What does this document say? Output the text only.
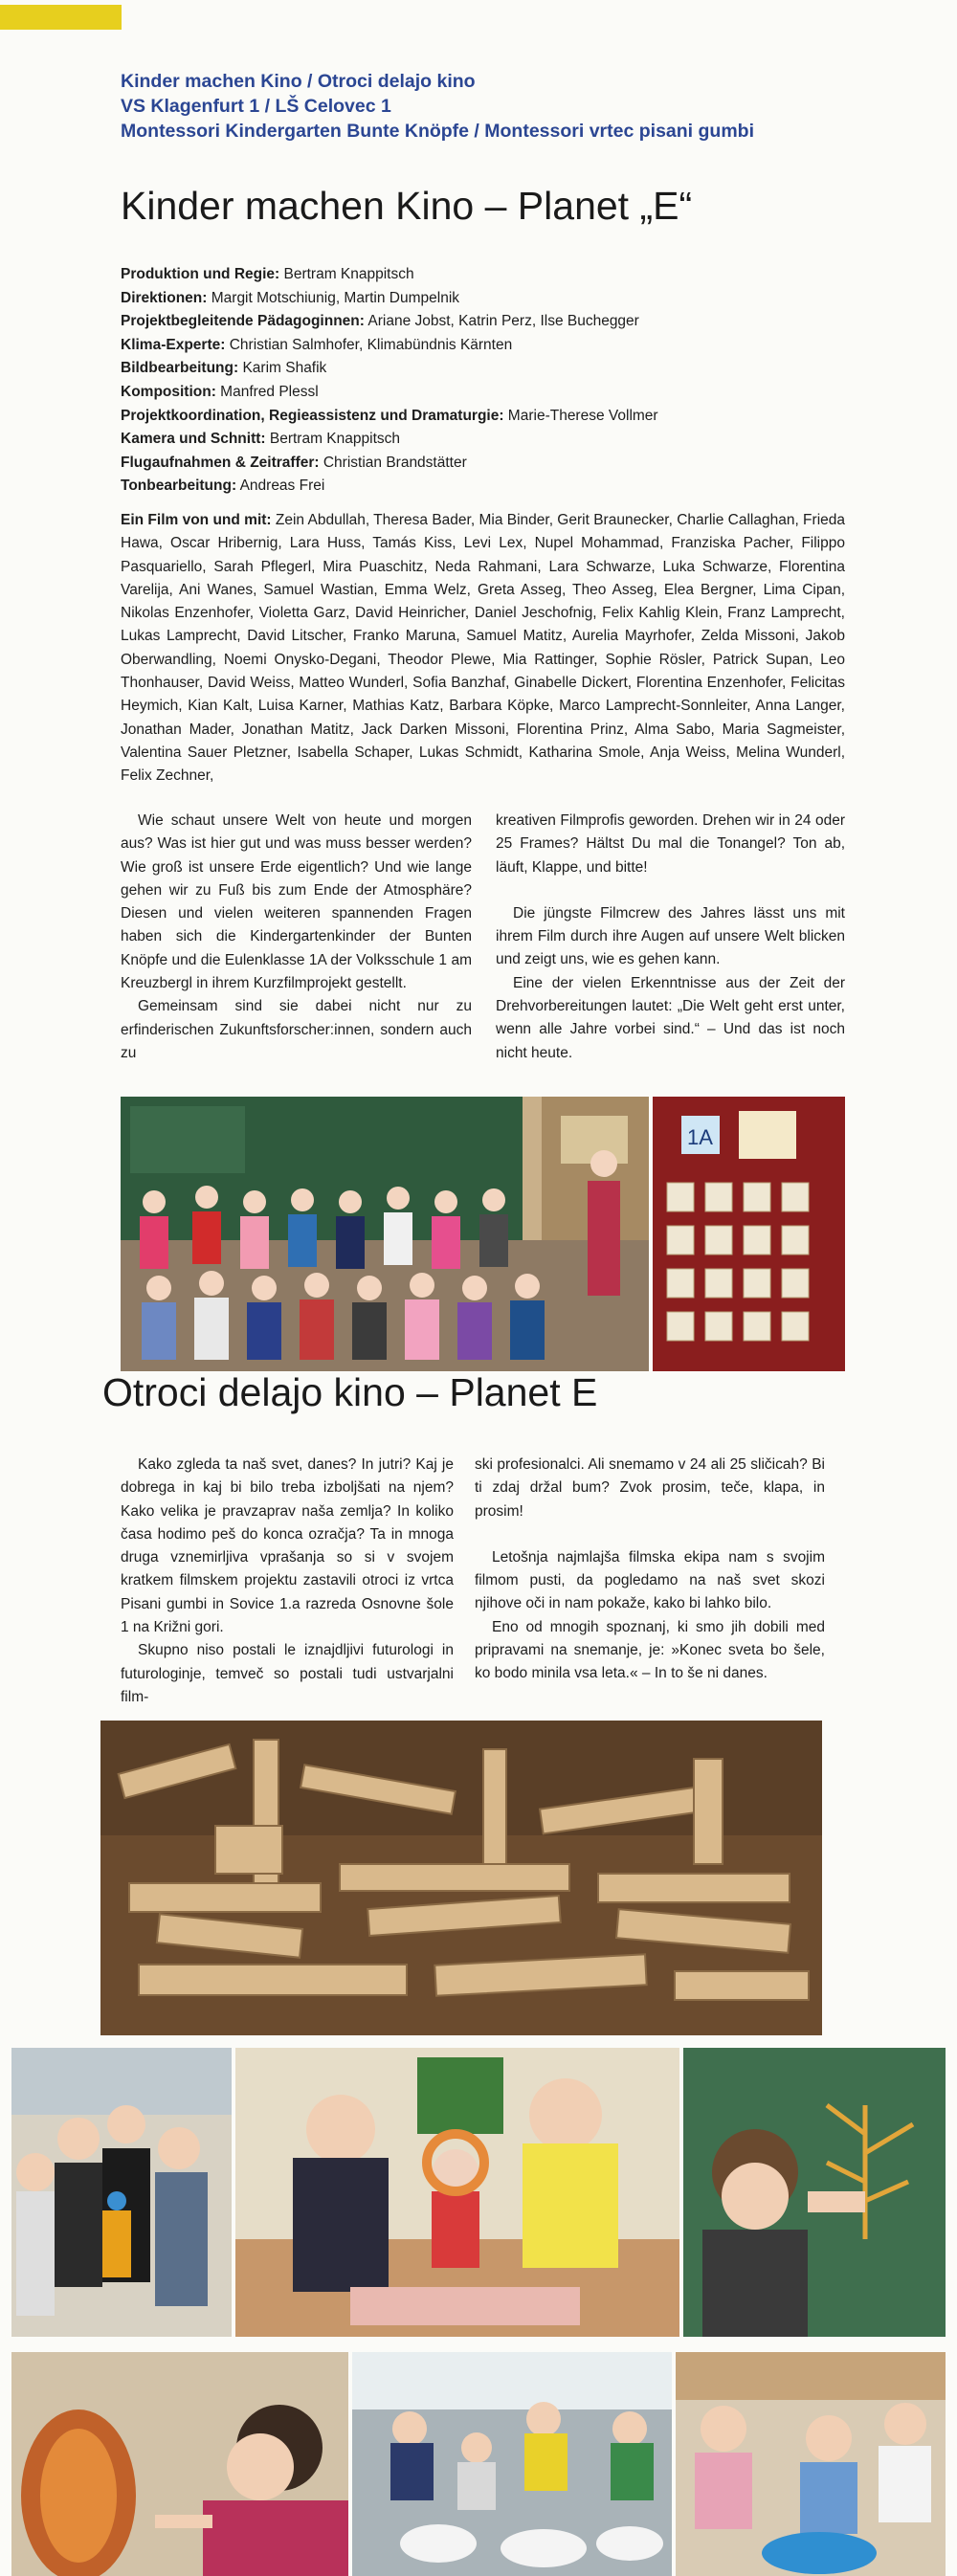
Kinder machen Kino / Otroci delajo kino
VS Klagenfurt 1 / LŠ Celovec 1
Montessori Kindergarten Bunte Knöpfe / Montessori vrtec pisani gumbi
Kinder machen Kino – Planet „E“
Produktion und Regie: Bertram Knappitsch
Direktionen: Margit Motschiunig, Martin Dumpelnik
Projektbegleitende Pädagoginnen: Ariane Jobst, Katrin Perz, Ilse Buchegger
Klima-Experte: Christian Salmhofer, Klimabündnis Kärnten
Bildbearbeitung: Karim Shafik
Komposition: Manfred Plessl
Projektkoordination, Regieassistenz und Dramaturgie: Marie-Therese Vollmer
Kamera und Schnitt: Bertram Knappitsch
Flugaufnahmen & Zeitraffer: Christian Brandstätter
Tonbearbeitung: Andreas Frei
Ein Film von und mit: Zein Abdullah, Theresa Bader, Mia Binder, Gerit Braunecker, Charlie Callaghan, Frieda Hawa, Oscar Hribernig, Lara Huss, Tamás Kiss, Levi Lex, Nupel Mohammad, Franziska Pacher, Filippo Pasquariello, Sarah Pflegerl, Mira Puaschitz, Neda Rahmani, Lara Schwarze, Luka Schwarze, Florentina Varelija, Ani Wanes, Samuel Wastian, Emma Welz, Greta Asseg, Theo Asseg, Elea Bergner, Lima Cipan, Nikolas Enzenhofer, Violetta Garz, David Heinricher, Daniel Jeschofnig, Felix Kahlig Klein, Franz Lamprecht, Lukas Lamprecht, David Litscher, Franko Maruna, Samuel Matitz, Aurelia Mayrhofer, Zelda Missoni, Jakob Oberwandling, Noemi Onysko-Degani, Theodor Plewe, Mia Rattinger, Sophie Rösler, Patrick Supan, Leo Thonhauser, David Weiss, Matteo Wunderl, Sofia Banzhaf, Ginabelle Dickert, Florentina Enzenhofer, Felicitas Heymich, Kian Kalt, Luisa Karner, Mathias Katz, Barbara Köpke, Marco Lamprecht-Sonnleiter, Anna Langer, Jonathan Mader, Jonathan Matitz, Jack Darken Missoni, Florentina Prinz, Alma Sabo, Maria Sagmeister, Valentina Sauer Pletzner, Isabella Schaper, Lukas Schmidt, Katharina Smole, Anja Weiss, Melina Wunderl, Felix Zechner,

Wie schaut unsere Welt von heute und morgen aus? Was ist hier gut und was muss besser werden? Wie groß ist unsere Erde eigentlich? Und wie lange gehen wir zu Fuß bis zum Ende der Atmosphäre? Diesen und vielen weiteren spannenden Fragen haben sich die Kindergartenkinder der Bunten Knöpfe und die Eulenklasse 1A der Volksschule 1 am Kreuzbergl in ihrem Kurzfilmprojekt gestellt.

Gemeinsam sind sie dabei nicht nur zu erfinderischen Zukunftsforscher:innen, sondern auch zu

kreativen Filmprofis geworden. Drehen wir in 24 oder 25 Frames? Hältst Du mal die Tonangel? Ton ab, läuft, Klappe, und bitte!

Die jüngste Filmcrew des Jahres lässt uns mit ihrem Film durch ihre Augen auf unsere Welt blicken und zeigt uns, wie es gehen kann.

Eine der vielen Erkenntnisse aus der Zeit der Drehvorbereitungen lautet: „Die Welt geht erst unter, wenn alle Jahre vorbei sind.“ – Und das ist noch nicht heute.

1A
Otroci delajo kino – Planet E

Kako zgleda ta naš svet, danes? In jutri? Kaj je dobrega in kaj bi bilo treba izboljšati na njem? Kako velika je pravzaprav naša zemlja? In koliko časa hodimo peš do konca ozračja? Ta in mnoga druga vznemirljiva vprašanja so si v svojem kratkem filmskem projektu zastavili otroci iz vrtca Pisani gumbi in Sovice 1.a razreda Osnovne šole 1 na Križni gori.

Skupno niso postali le iznajdljivi futurologi in futurologinje, temveč so postali tudi ustvarjalni film-

ski profesionalci. Ali snemamo v 24 ali 25 sličicah? Bi ti zdaj držal bum? Zvok prosim, teče, klapa, in prosim!

Letošnja najmlajša filmska ekipa nam s svojim filmom pusti, da pogledamo na naš svet skozi njihove oči in nam pokaže, kako bi lahko bilo.

Eno od mnogih spoznanj, ki smo jih dobili med pripravami na snemanje, je: »Konec sveta bo šele, ko bodo minila vsa leta.« – In to še ni danes.
